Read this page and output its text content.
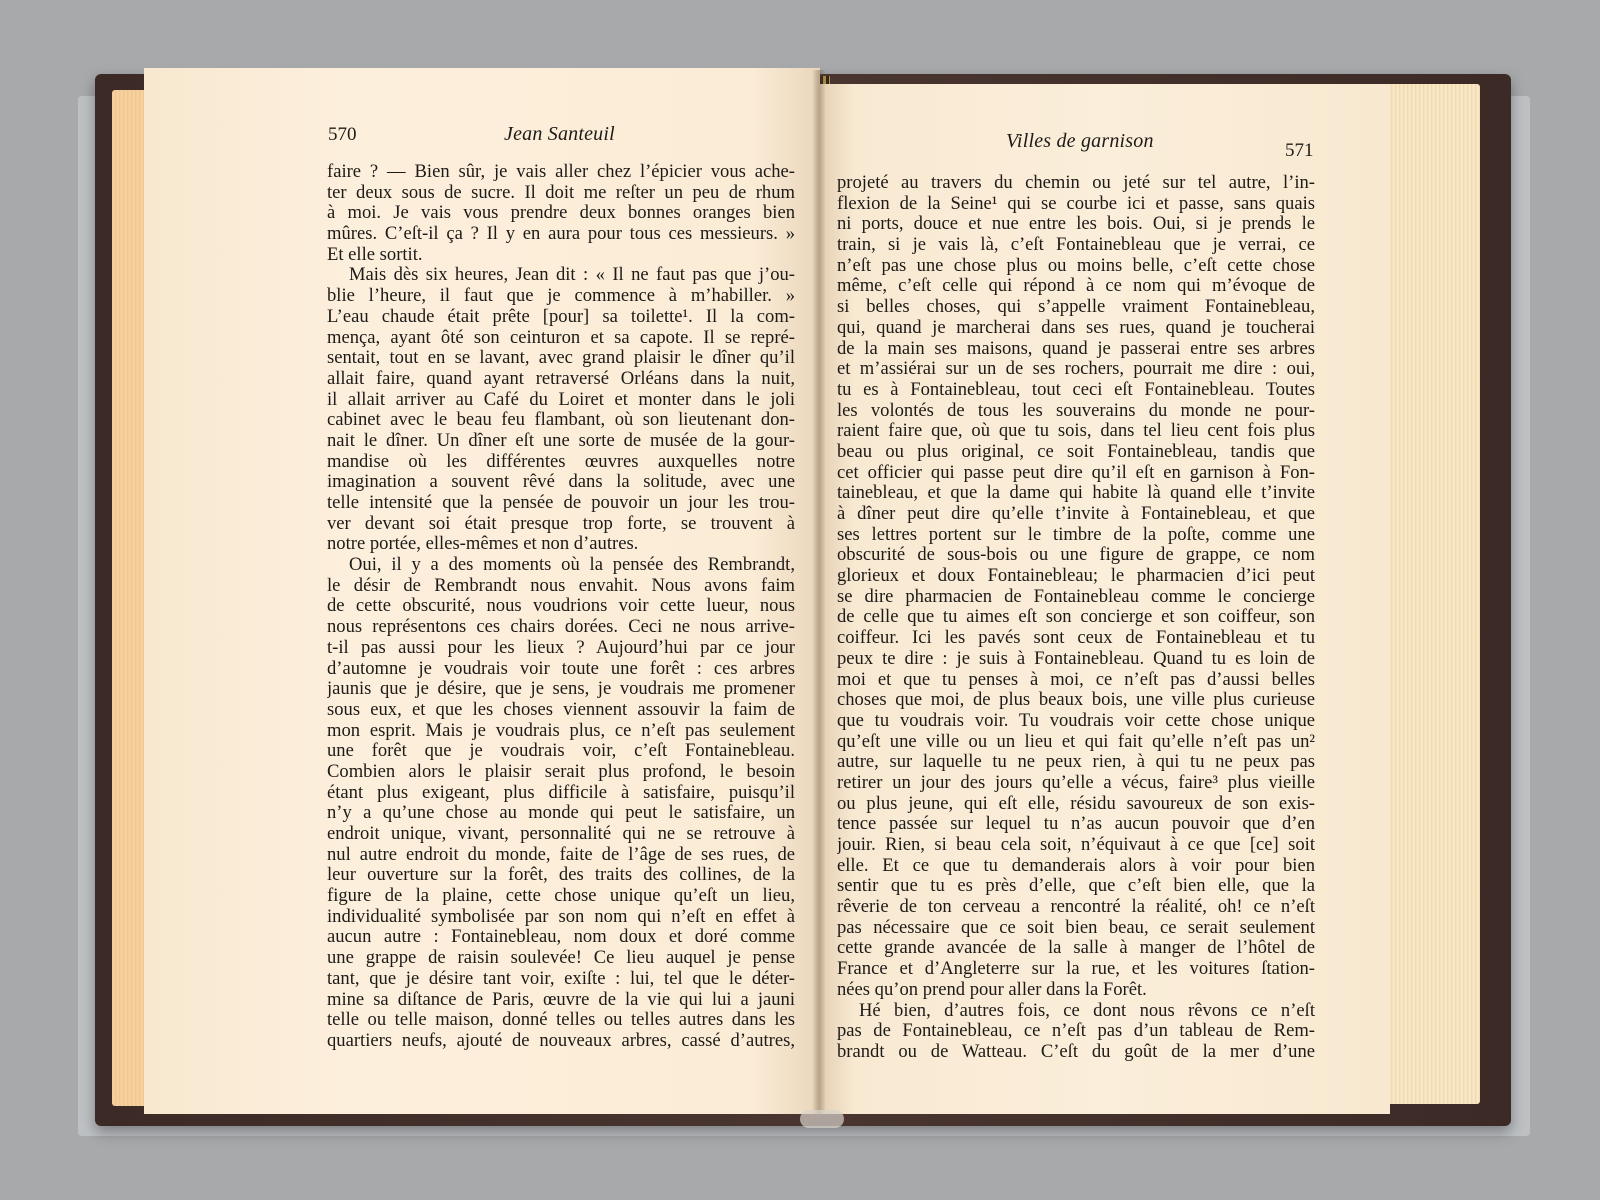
570	Jean Santeuil
faire ? — Bien sûr, je vais aller chez l’épicier vous ache-
ter deux sous de sucre. Il doit me reſter un peu de rhum
à moi. Je vais vous prendre deux bonnes oranges bien
mûres. C’eſt-il ça ? Il y en aura pour tous ces messieurs. »
Et elle sortit.
Mais dès six heures, Jean dit : « Il ne faut pas que j’ou-
blie l’heure, il faut que je commence à m’habiller. »
L’eau chaude était prête [pour] sa toilette¹. Il la com-
mença, ayant ôté son ceinturon et sa capote. Il se repré-
sentait, tout en se lavant, avec grand plaisir le dîner qu’il
allait faire, quand ayant retraversé Orléans dans la nuit,
il allait arriver au Café du Loiret et monter dans le joli
cabinet avec le beau feu flambant, où son lieutenant don-
nait le dîner. Un dîner eſt une sorte de musée de la gour-
mandise où les différentes œuvres auxquelles notre
imagination a souvent rêvé dans la solitude, avec une
telle intensité que la pensée de pouvoir un jour les trou-
ver devant soi était presque trop forte, se trouvent à
notre portée, elles-mêmes et non d’autres.
Oui, il y a des moments où la pensée des Rembrandt,
le désir de Rembrandt nous envahit. Nous avons faim
de cette obscurité, nous voudrions voir cette lueur, nous
nous représentons ces chairs dorées. Ceci ne nous arrive-
t-il pas aussi pour les lieux ? Aujourd’hui par ce jour
d’automne je voudrais voir toute une forêt : ces arbres
jaunis que je désire, que je sens, je voudrais me promener
sous eux, et que les choses viennent assouvir la faim de
mon esprit. Mais je voudrais plus, ce n’eſt pas seulement
une forêt que je voudrais voir, c’eſt Fontainebleau.
Combien alors le plaisir serait plus profond, le besoin
étant plus exigeant, plus difficile à satisfaire, puisqu’il
n’y a qu’une chose au monde qui peut le satisfaire, un
endroit unique, vivant, personnalité qui ne se retrouve à
nul autre endroit du monde, faite de l’âge de ses rues, de
leur ouverture sur la forêt, des traits des collines, de la
figure de la plaine, cette chose unique qu’eſt un lieu,
individualité symbolisée par son nom qui n’eſt en effet à
aucun autre : Fontainebleau, nom doux et doré comme
une grappe de raisin soulevée! Ce lieu auquel je pense
tant, que je désire tant voir, exiſte : lui, tel que le déter-
mine sa diſtance de Paris, œuvre de la vie qui lui a jauni
telle ou telle maison, donné telles ou telles autres dans les
quartiers neufs, ajouté de nouveaux arbres, cassé d’autres,
Villes de garnison	571
projeté au travers du chemin ou jeté sur tel autre, l’in-
flexion de la Seine¹ qui se courbe ici et passe, sans quais
ni ports, douce et nue entre les bois. Oui, si je prends le
train, si je vais là, c’eſt Fontainebleau que je verrai, ce
n’eſt pas une chose plus ou moins belle, c’eſt cette chose
même, c’eſt celle qui répond à ce nom qui m’évoque de
si belles choses, qui s’appelle vraiment Fontainebleau,
qui, quand je marcherai dans ses rues, quand je toucherai
de la main ses maisons, quand je passerai entre ses arbres
et m’assiérai sur un de ses rochers, pourrait me dire : oui,
tu es à Fontainebleau, tout ceci eſt Fontainebleau. Toutes
les volontés de tous les souverains du monde ne pour-
raient faire que, où que tu sois, dans tel lieu cent fois plus
beau ou plus original, ce soit Fontainebleau, tandis que
cet officier qui passe peut dire qu’il eſt en garnison à Fon-
tainebleau, et que la dame qui habite là quand elle t’invite
à dîner peut dire qu’elle t’invite à Fontainebleau, et que
ses lettres portent sur le timbre de la poſte, comme une
obscurité de sous-bois ou une figure de grappe, ce nom
glorieux et doux Fontainebleau; le pharmacien d’ici peut
se dire pharmacien de Fontainebleau comme le concierge
de celle que tu aimes eſt son concierge et son coiffeur, son
coiffeur. Ici les pavés sont ceux de Fontainebleau et tu
peux te dire : je suis à Fontainebleau. Quand tu es loin de
moi et que tu penses à moi, ce n’eſt pas d’aussi belles
choses que moi, de plus beaux bois, une ville plus curieuse
que tu voudrais voir. Tu voudrais voir cette chose unique
qu’eſt une ville ou un lieu et qui fait qu’elle n’eſt pas un²
autre, sur laquelle tu ne peux rien, à qui tu ne peux pas
retirer un jour des jours qu’elle a vécus, faire³ plus vieille
ou plus jeune, qui eſt elle, résidu savoureux de son exis-
tence passée sur lequel tu n’as aucun pouvoir que d’en
jouir. Rien, si beau cela soit, n’équivaut à ce que [ce] soit
elle. Et ce que tu demanderais alors à voir pour bien
sentir que tu es près d’elle, que c’eſt bien elle, que la
rêverie de ton cerveau a rencontré la réalité, oh! ce n’eſt
pas nécessaire que ce soit bien beau, ce serait seulement
cette grande avancée de la salle à manger de l’hôtel de
France et d’Angleterre sur la rue, et les voitures ſtation-
nées qu’on prend pour aller dans la Forêt.
Hé bien, d’autres fois, ce dont nous rêvons ce n’eſt
pas de Fontainebleau, ce n’eſt pas d’un tableau de Rem-
brandt ou de Watteau. C’eſt du goût de la mer d’une
